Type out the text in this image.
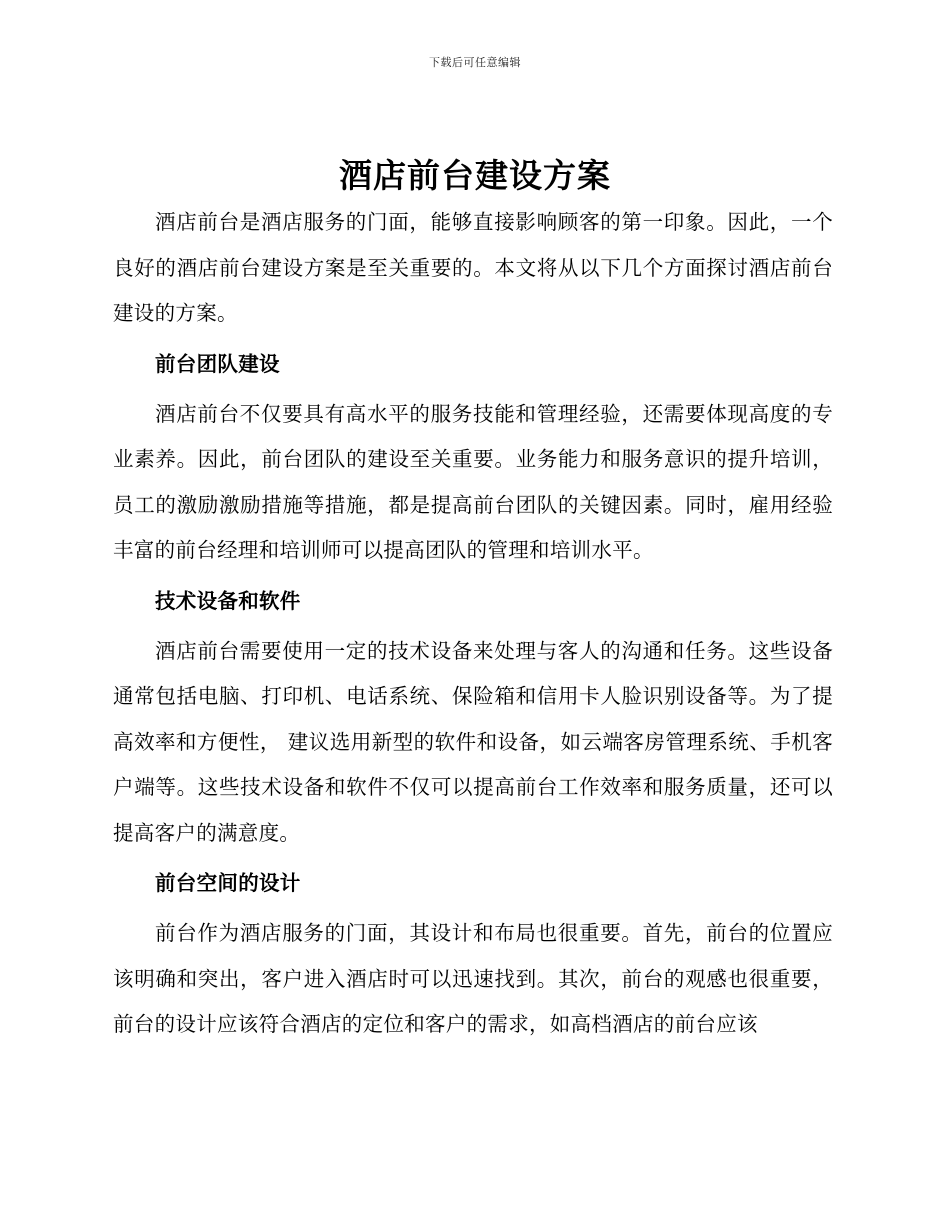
下载后可任意编辑
酒店前台建设方案

酒店前台是酒店服务的门面，能够直接影响顾客的第一印象。因此，一个良好的酒店前台建设方案是至关重要的。本文将从以下几个方面探讨酒店前台建设的方案。

前台团队建设

酒店前台不仅要具有高水平的服务技能和管理经验，还需要体现高度的专业素养。因此，前台团队的建设至关重要。业务能力和服务意识的提升培训，员工的激励激励措施等措施，都是提高前台团队的关键因素。同时，雇用经验丰富的前台经理和培训师可以提高团队的管理和培训水平。

技术设备和软件

酒店前台需要使用一定的技术设备来处理与客人的沟通和任务。这些设备通常包括电脑、打印机、电话系统、保险箱和信用卡人脸识别设备等。为了提高效率和方便性， 建议选用新型的软件和设备，如云端客房管理系统、手机客户端等。这些技术设备和软件不仅可以提高前台工作效率和服务质量，还可以提高客户的满意度。

前台空间的设计

前台作为酒店服务的门面，其设计和布局也很重要。首先，前台的位置应该明确和突出，客户进入酒店时可以迅速找到。其次，前台的观感也很重要，前台的设计应该符合酒店的定位和客户的需求，如高档酒店的前台应该
